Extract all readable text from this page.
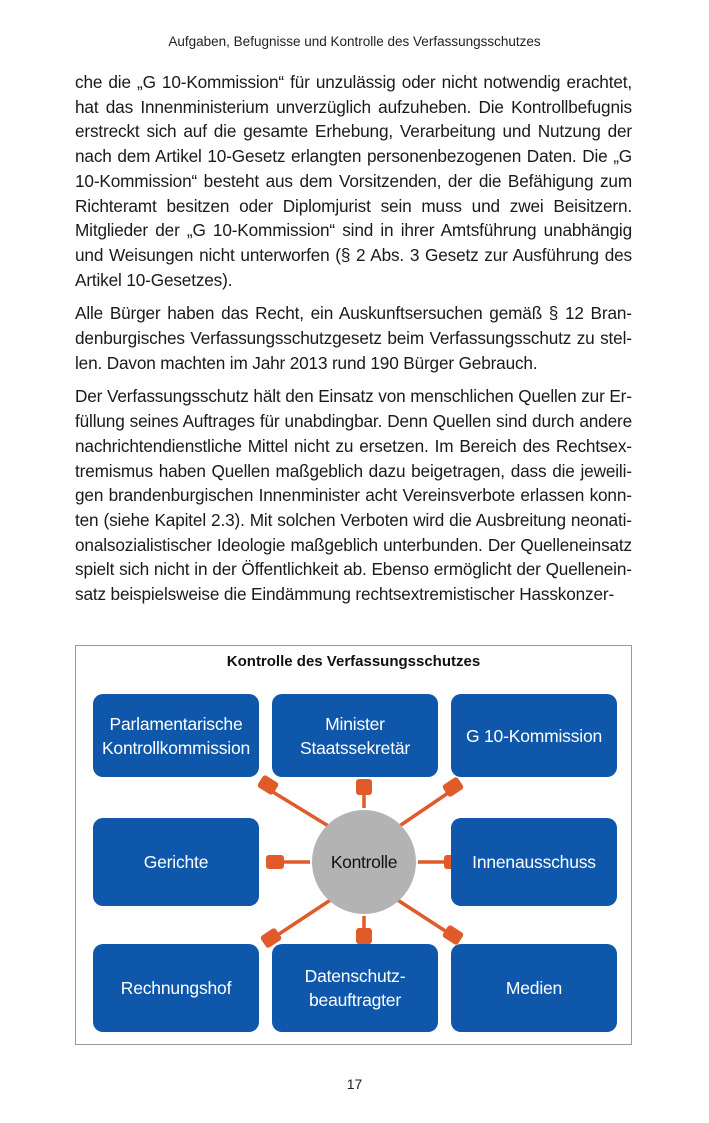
Aufgaben, Befugnisse und Kontrolle des Verfassungsschutzes

che die „G 10-Kommission“ für unzulässig oder nicht notwendig erachtet, hat das Innenministerium unverzüglich aufzuheben. Die Kontrollbefugnis erstreckt sich auf die gesamte Erhebung, Verarbeitung und Nutzung der nach dem Artikel 10-Gesetz erlangten personenbezogenen Daten. Die „G 10-Kommission“ besteht aus dem Vorsitzenden, der die Befähigung zum Richteramt besitzen oder Diplomjurist sein muss und zwei Beisitzern. Mitglieder der „G 10-Kommission“ sind in ihrer Amtsführung unabhängig und Weisungen nicht unterworfen (§ 2 Abs. 3 Gesetz zur Ausführung des Artikel 10-Gesetzes).

Alle Bürger haben das Recht, ein Auskunftsersuchen gemäß § 12 Brandenburgisches Verfassungsschutzgesetz beim Verfassungsschutz zu stellen. Davon machten im Jahr 2013 rund 190 Bürger Gebrauch.

Der Verfassungsschutz hält den Einsatz von menschlichen Quellen zur Erfüllung seines Auftrages für unabdingbar. Denn Quellen sind durch andere nachrichtendienstliche Mittel nicht zu ersetzen. Im Bereich des Rechtsextremismus haben Quellen maßgeblich dazu beigetragen, dass die jeweiligen brandenburgischen Innenminister acht Vereinsverbote erlassen konnten (siehe Kapitel 2.3). Mit solchen Verboten wird die Ausbreitung neonationalsozialistischer Ideologie maßgeblich unterbunden. Der Quelleneinsatz spielt sich nicht in der Öffentlichkeit ab. Ebenso ermöglicht der Quelleneinsatz beispielsweise die Eindämmung rechtsextremistischer Hasskonzer-

Kontrolle des Verfassungsschutzes
Parlamentarische
Kontrollkommission
Minister
Staatssekretär
G 10-Kommission
Gerichte	Innenausschuss
Rechnungshof
Datenschutz-
beauftragter
Medien
Kontrolle
17
